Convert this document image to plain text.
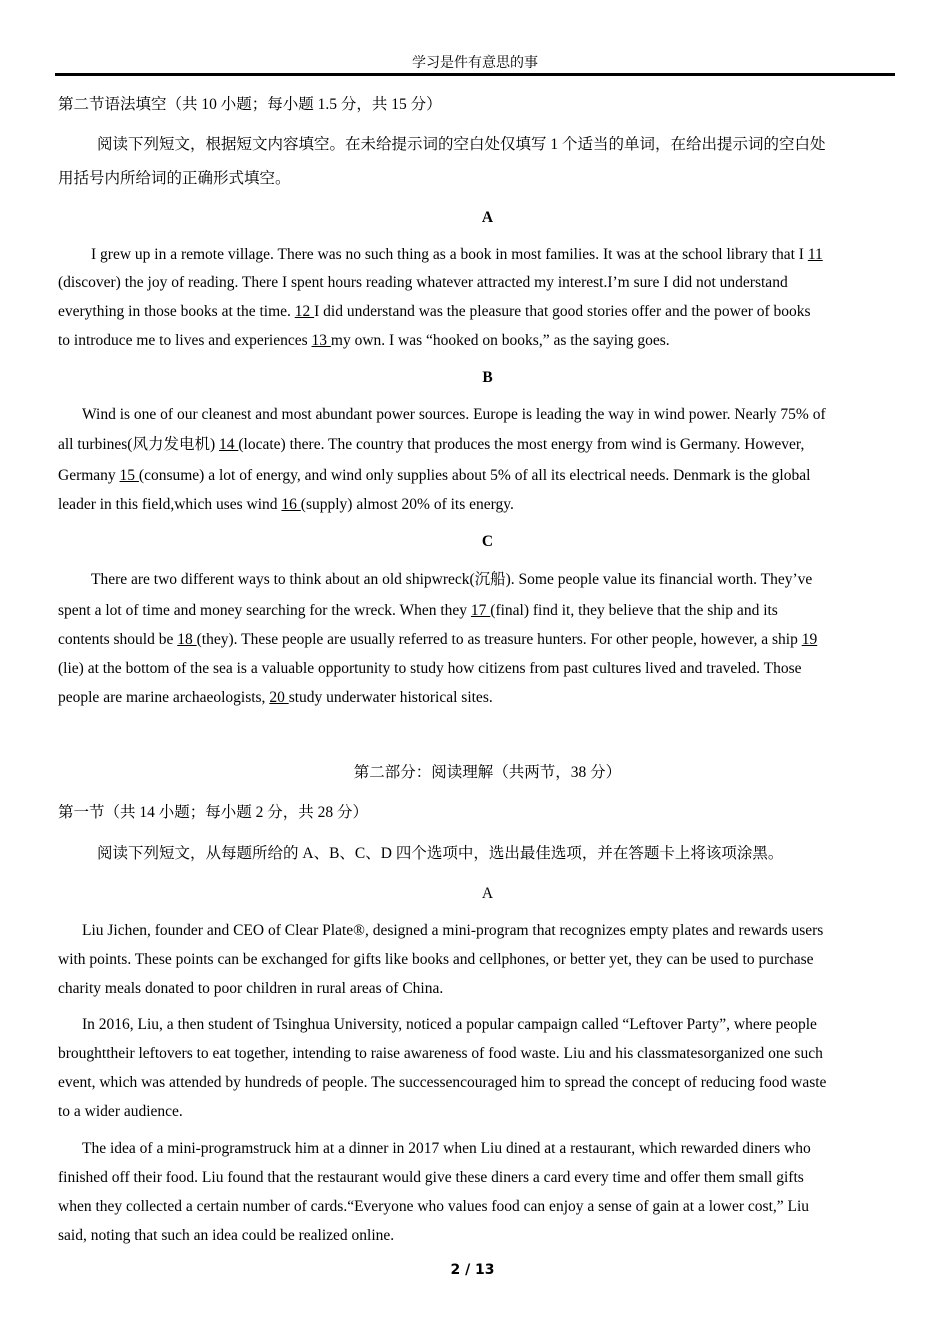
学习是件有意思的事
第二节语法填空（共 10 小题；每小题 1.5 分，共 15 分）
阅读下列短文，根据短文内容填空。在未给提示词的空白处仅填写 1 个适当的单词，在给出提示词的空白处
用括号内所给词的正确形式填空。
A
I grew up in a remote village. There was no such thing as a book in most families. It was at the school library that I 11
(discover) the joy of reading. There I spent hours reading whatever attracted my interest.I’m sure I did not understand
everything in those books at the time. 12 I did understand was the pleasure that good stories offer and the power of books
to introduce me to lives and experiences 13 my own. I was “hooked on books,” as the saying goes.
B
Wind is one of our cleanest and most abundant power sources. Europe is leading the way in wind power. Nearly 75% of
all turbines(风力发电机) 14 (locate) there. The country that produces the most energy from wind is Germany. However,
Germany 15 (consume) a lot of energy, and wind only supplies about 5% of all its electrical needs. Denmark is the global
leader in this field,which uses wind 16 (supply) almost 20% of its energy.
C
There are two different ways to think about an old shipwreck(沉船). Some people value its financial worth. They’ve
spent a lot of time and money searching for the wreck. When they 17 (final) find it, they believe that the ship and its
contents should be 18 (they). These people are usually referred to as treasure hunters. For other people, however, a ship 19
(lie) at the bottom of the sea is a valuable opportunity to study how citizens from past cultures lived and traveled. Those
people are marine archaeologists, 20 study underwater historical sites.
第二部分：阅读理解（共两节，38 分）
第一节（共 14 小题；每小题 2 分，共 28 分）
阅读下列短文，从每题所给的 A、B、C、D 四个选项中，选出最佳选项，并在答题卡上将该项涂黑。
A
Liu Jichen, founder and CEO of Clear Plate®, designed a mini-program that recognizes empty plates and rewards users
with points. These points can be exchanged for gifts like books and cellphones, or better yet, they can be used to purchase
charity meals donated to poor children in rural areas of China.
In 2016, Liu, a then student of Tsinghua University, noticed a popular campaign called “Leftover Party”, where people
broughttheir leftovers to eat together, intending to raise awareness of food waste. Liu and his classmatesorganized one such
event, which was attended by hundreds of people. The successencouraged him to spread the concept of reducing food waste
to a wider audience.
The idea of a mini-programstruck him at a dinner in 2017 when Liu dined at a restaurant, which rewarded diners who
finished off their food. Liu found that the restaurant would give these diners a card every time and offer them small gifts
when they collected a certain number of cards.“Everyone who values food can enjoy a sense of gain at a lower cost,” Liu
said, noting that such an idea could be realized online.
2 / 13
